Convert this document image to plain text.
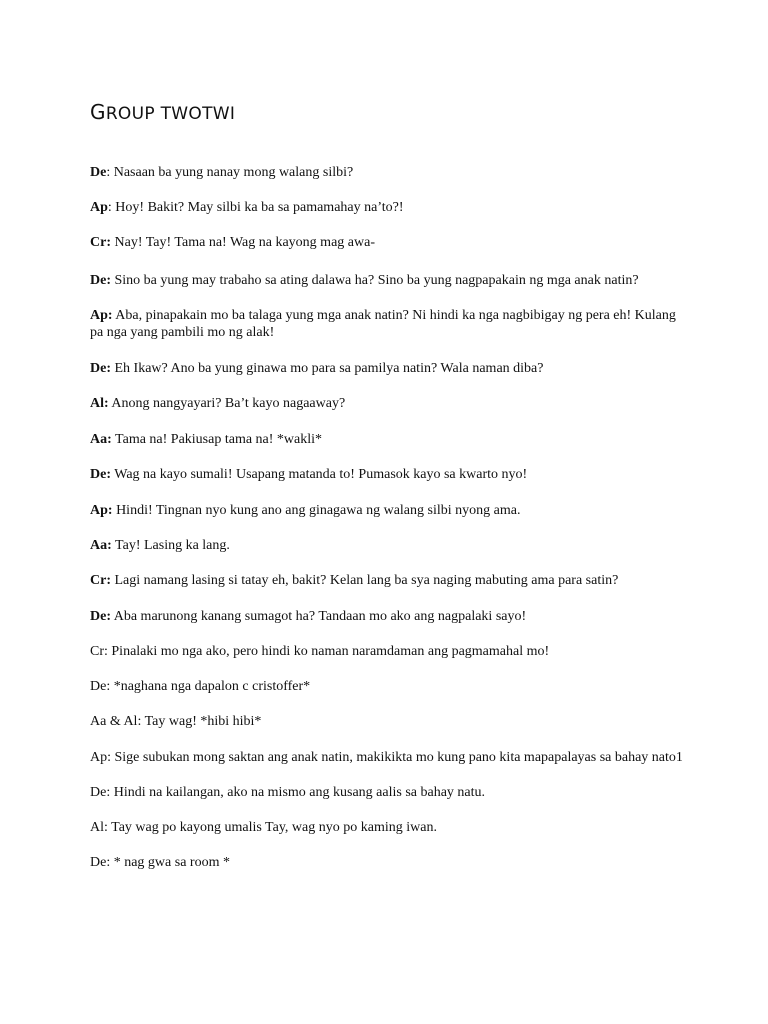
GROUP TWOTWI

De: Nasaan ba yung nanay mong walang silbi?

Ap: Hoy! Bakit? May silbi ka ba sa pamamahay na’to?!

Cr: Nay! Tay! Tama na! Wag na kayong mag awa-

De: Sino ba yung may trabaho sa ating dalawa ha? Sino ba yung nagpapakain ng mga anak natin?

Ap: Aba, pinapakain mo ba talaga yung mga anak natin? Ni hindi ka nga nagbibigay ng pera eh! Kulang pa nga yang pambili mo ng alak!

De: Eh Ikaw? Ano ba yung ginawa mo para sa pamilya natin? Wala naman diba?

Al: Anong nangyayari? Ba’t kayo nagaaway?

Aa: Tama na! Pakiusap tama na! *wakli*

De: Wag na kayo sumali! Usapang matanda to! Pumasok kayo sa kwarto nyo!

Ap: Hindi! Tingnan nyo kung ano ang ginagawa ng walang silbi nyong ama.

Aa: Tay! Lasing ka lang.

Cr: Lagi namang lasing si tatay eh, bakit? Kelan lang ba sya naging mabuting ama para satin?

De: Aba marunong kanang sumagot ha? Tandaan mo ako ang nagpalaki sayo!

Cr: Pinalaki mo nga ako, pero hindi ko naman naramdaman ang pagmamahal mo!

De: *naghana nga dapalon c cristoffer*

Aa & Al: Tay wag! *hibi hibi*

Ap: Sige subukan mong saktan ang anak natin, makikikta mo kung pano kita mapapalayas sa bahay nato1

De: Hindi na kailangan, ako na mismo ang kusang aalis sa bahay natu.

Al: Tay wag po kayong umalis Tay, wag nyo po kaming iwan.

De: * nag gwa sa room *
